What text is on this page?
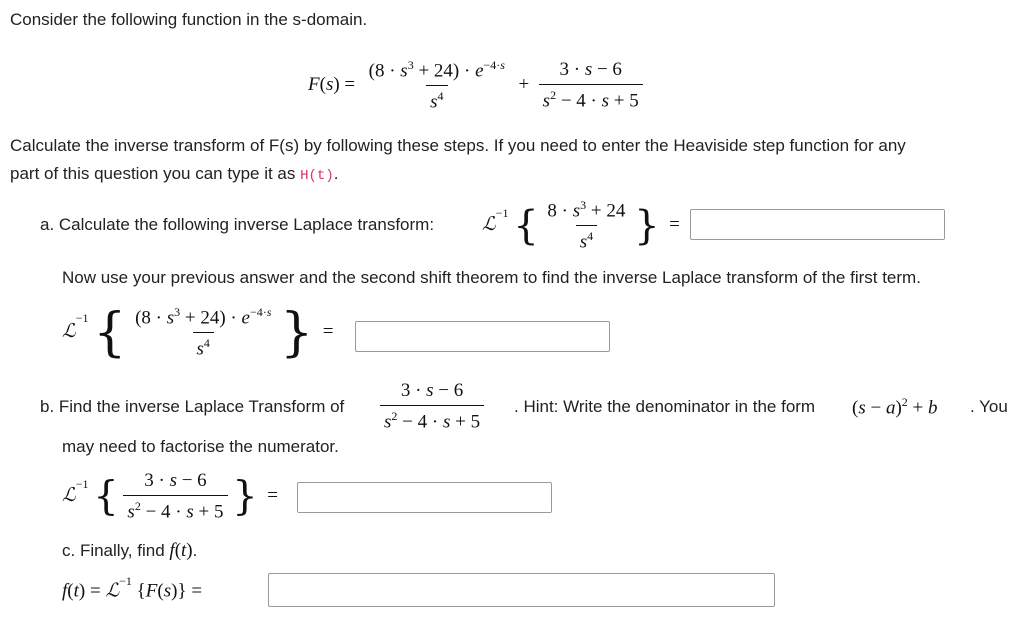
Consider the following function in the s-domain.
$F(s) = \frac{(8 \cdot s^3 + 24) \cdot e^{-4\cdot s}}{s^4} + \frac{3 \cdot s - 6}{s^2 - 4 \cdot s + 5}$
Calculate the inverse transform of F(s) by following these steps. If you need to enter the Heaviside step function for any
part of this question you can type it as H(t).
a. Calculate the following inverse Laplace transform:	ℒ$^{-1}$ { $\frac{8 \cdot s^3 + 24}{s^4}$ }  =
Now use your previous answer and the second shift theorem to find the inverse Laplace transform of the first term.
ℒ$^{-1}$ { $\frac{(8 \cdot s^3 + 24) \cdot e^{-4\cdot s}}{s^4}$ }  =
b. Find the inverse Laplace Transform of $\frac{3 \cdot s - 6}{s^2 - 4 \cdot s + 5}$ . Hint: Write the denominator in the form $(s - a)^2 + b$ . You
may need to factorise the numerator.
ℒ$^{-1}$ { $\frac{3 \cdot s - 6}{s^2 - 4 \cdot s + 5}$ }  =
c. Finally, find f(t).
f(t) = ℒ$^{-1}$ {F(s)} =
